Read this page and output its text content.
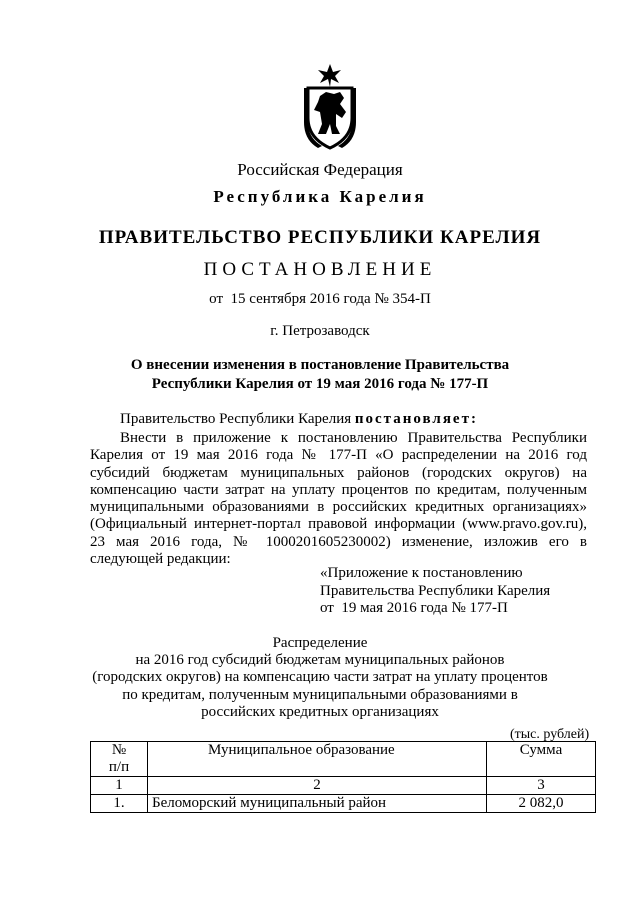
Российская Федерация
Республика Карелия
ПРАВИТЕЛЬСТВО РЕСПУБЛИКИ КАРЕЛИЯ
ПОСТАНОВЛЕНИЕ
от  15 сентября 2016 года № 354-П
г. Петрозаводск
О внесении изменения в постановление Правительства
Республики Карелия от 19 мая 2016 года № 177-П
Правительство Республики Карелия постановляет:
Внести в приложение к постановлению Правительства Республики
Карелия от 19 мая 2016 года № 177-П «О распределении на 2016 год
субсидий бюджетам муниципальных районов (городских округов) на
компенсацию части затрат на уплату процентов по кредитам, полученным
муниципальными образованиями в российских кредитных организациях»
(Официальный интернет-портал правовой информации (www.pravo.gov.ru),
23 мая 2016 года, № 1000201605230002) изменение, изложив его в
следующей редакции:
«Приложение к постановлению
Правительства Республики Карелия
от  19 мая 2016 года № 177-П
Распределение
на 2016 год субсидий бюджетам муниципальных районов
(городских округов) на компенсацию части затрат на уплату процентов
по кредитам, полученным муниципальными образованиями в
российских кредитных организациях
(тыс. рублей)
№
п/п	Муниципальное образование	Сумма
1	2	3
1.	Беломорский муниципальный район	2 082,0
